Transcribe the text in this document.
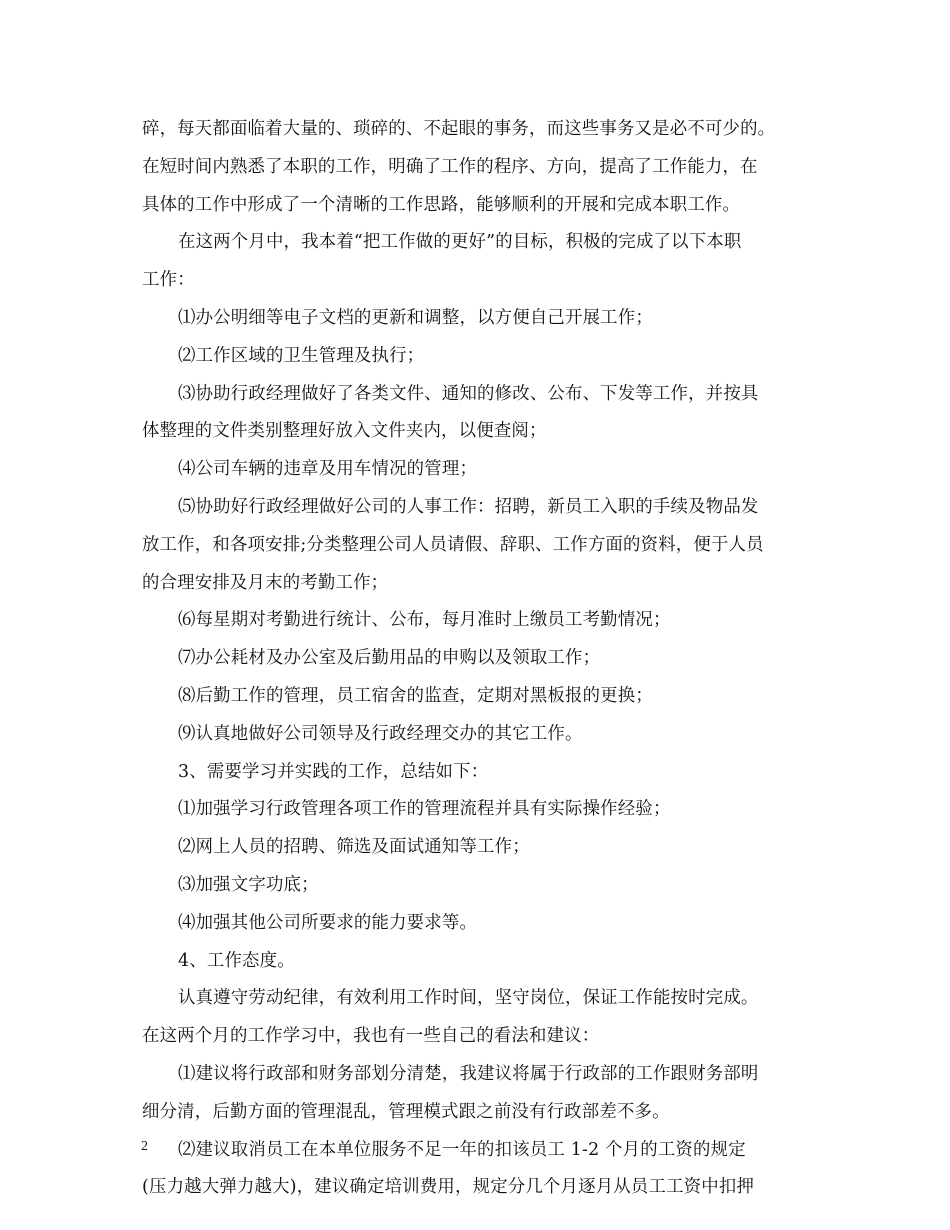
碎，每天都面临着大量的、琐碎的、不起眼的事务，而这些事务又是必不可少的。
在短时间内熟悉了本职的工作，明确了工作的程序、方向，提高了工作能力，在
具体的工作中形成了一个清晰的工作思路，能够顺利的开展和完成本职工作。
在这两个月中，我本着“把工作做的更好”的目标，积极的完成了以下本职
工作：
⑴办公明细等电子文档的更新和调整，以方便自己开展工作；
⑵工作区域的卫生管理及执行；
⑶协助行政经理做好了各类文件、通知的修改、公布、下发等工作，并按具
体整理的文件类别整理好放入文件夹内，以便查阅；
⑷公司车辆的违章及用车情况的管理；
⑸协助好行政经理做好公司的人事工作：招聘，新员工入职的手续及物品发
放工作，和各项安排;分类整理公司人员请假、辞职、工作方面的资料，便于人员
的合理安排及月末的考勤工作；
⑹每星期对考勤进行统计、公布，每月准时上缴员工考勤情况；
⑺办公耗材及办公室及后勤用品的申购以及领取工作；
⑻后勤工作的管理，员工宿舍的监查，定期对黑板报的更换；
⑼认真地做好公司领导及行政经理交办的其它工作。
3、需要学习并实践的工作，总结如下：
⑴加强学习行政管理各项工作的管理流程并具有实际操作经验；
⑵网上人员的招聘、筛选及面试通知等工作；
⑶加强文字功底；
⑷加强其他公司所要求的能力要求等。
4、工作态度。
认真遵守劳动纪律，有效利用工作时间，坚守岗位，保证工作能按时完成。
在这两个月的工作学习中，我也有一些自己的看法和建议：
⑴建议将行政部和财务部划分清楚，我建议将属于行政部的工作跟财务部明
细分清，后勤方面的管理混乱，管理模式跟之前没有行政部差不多。
⑵建议取消员工在本单位服务不足一年的扣该员工 1-2 个月的工资的规定
(压力越大弹力越大)，建议确定培训费用，规定分几个月逐月从员工工资中扣押
2
